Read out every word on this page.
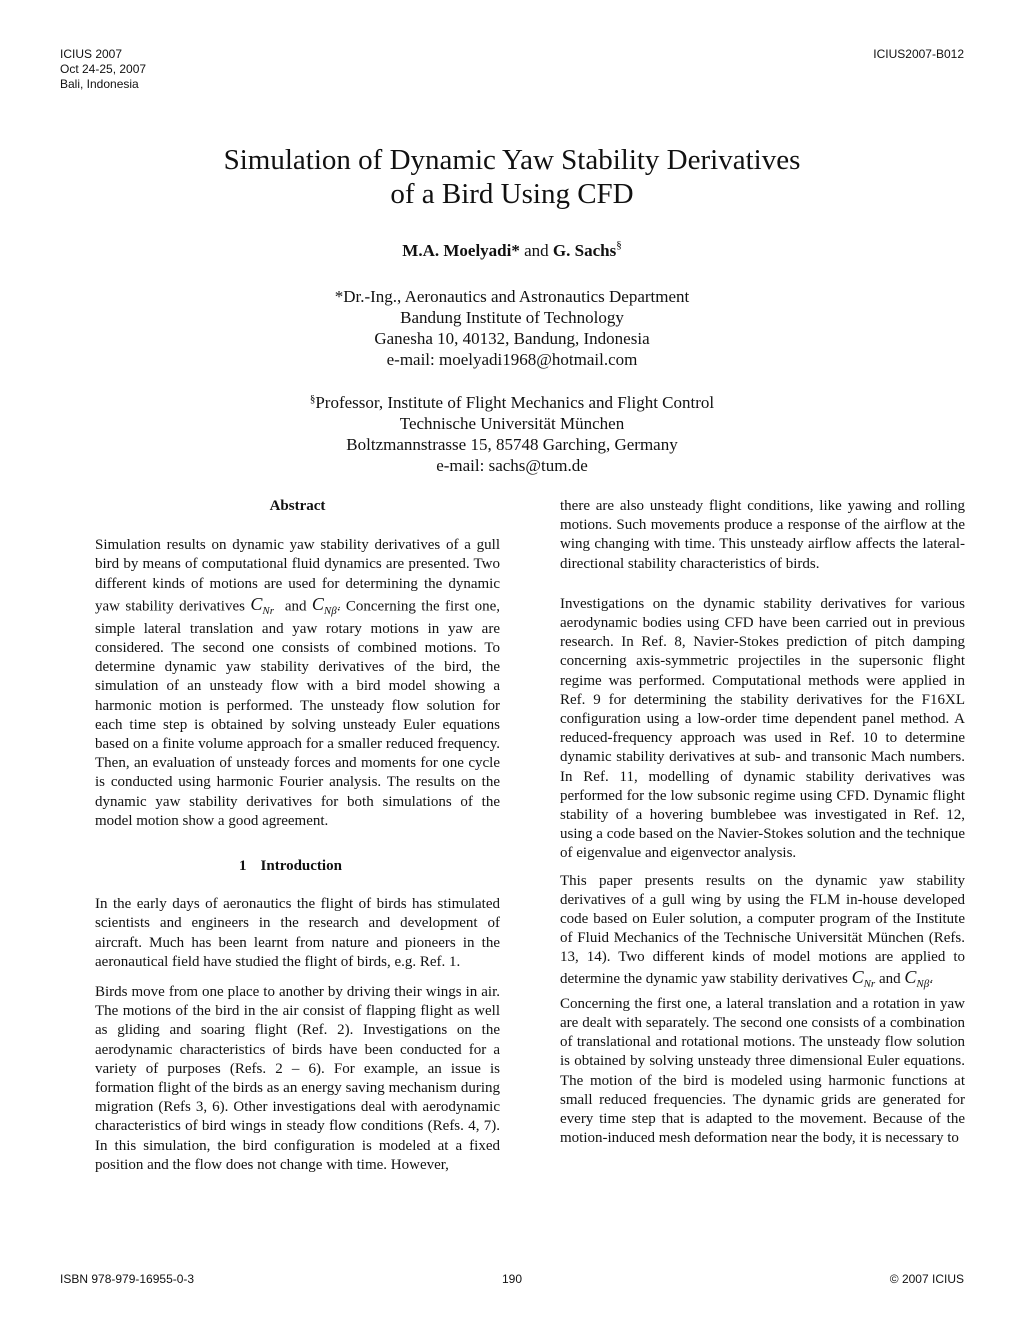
ICIUS 2007
Oct 24-25, 2007
Bali, Indonesia
ICIUS2007-B012
Simulation of Dynamic Yaw Stability Derivatives
of a Bird Using CFD
M.A. Moelyadi* and G. Sachs§
*Dr.-Ing., Aeronautics and Astronautics Department
Bandung Institute of Technology
Ganesha 10, 40132, Bandung, Indonesia
e-mail: moelyadi1968@hotmail.com
§Professor, Institute of Flight Mechanics and Flight Control
Technische Universität München
Boltzmannstrasse 15, 85748 Garching, Germany
e-mail: sachs@tum.de
Abstract

Simulation results on dynamic yaw stability derivatives of a gull bird by means of computational fluid dynamics are presented. Two different kinds of motions are used for determining the dynamic yaw stability derivatives $C_{Nr}$ and $C_{N\betȧ}$. Concerning the first one, simple lateral translation and yaw rotary motions in yaw are considered. The second one consists of combined motions. To determine dynamic yaw stability derivatives of the bird, the simulation of an unsteady flow with a bird model showing a harmonic motion is performed. The unsteady flow solution for each time step is obtained by solving unsteady Euler equations based on a finite volume approach for a smaller reduced frequency. Then, an evaluation of unsteady forces and moments for one cycle is conducted using harmonic Fourier analysis. The results on the dynamic yaw stability derivatives for both simulations of the model motion show a good agreement.

1 Introduction

In the early days of aeronautics the flight of birds has stimulated scientists and engineers in the research and development of aircraft. Much has been learnt from nature and pioneers in the aeronautical field have studied the flight of birds, e.g. Ref. 1.

Birds move from one place to another by driving their wings in air. The motions of the bird in the air consist of flapping flight as well as gliding and soaring flight (Ref. 2). Investigations on the aerodynamic characteristics of birds have been conducted for a variety of purposes (Refs. 2 – 6). For example, an issue is formation flight of the birds as an energy saving mechanism during migration (Refs 3, 6). Other investigations deal with aerodynamic characteristics of bird wings in steady flow conditions (Refs. 4, 7). In this simulation, the bird configuration is modeled at a fixed position and the flow does not change with time. However,

there are also unsteady flight conditions, like yawing and rolling motions. Such movements produce a response of the airflow at the wing changing with time. This unsteady airflow affects the lateral-directional stability characteristics of birds.

Investigations on the dynamic stability derivatives for various aerodynamic bodies using CFD have been carried out in previous research. In Ref. 8, Navier-Stokes prediction of pitch damping concerning axis-symmetric projectiles in the supersonic flight regime was performed. Computational methods were applied in Ref. 9 for determining the stability derivatives for the F16XL configuration using a low-order time dependent panel method. A reduced-frequency approach was used in Ref. 10 to determine dynamic stability derivatives at sub- and transonic Mach numbers. In Ref. 11, modelling of dynamic stability derivatives was performed for the low subsonic regime using CFD. Dynamic flight stability of a hovering bumblebee was investigated in Ref. 12, using a code based on the Navier-Stokes solution and the technique of eigenvalue and eigenvector analysis.

This paper presents results on the dynamic yaw stability derivatives of a gull wing by using the FLM in-house developed code based on Euler solution, a computer program of the Institute of Fluid Mechanics of the Technische Universität München (Refs. 13, 14). Two different kinds of model motions are applied to determine the dynamic yaw stability derivatives $C_{Nr}$ and $C_{N\betȧ}$.

Concerning the first one, a lateral translation and a rotation in yaw are dealt with separately. The second one consists of a combination of translational and rotational motions. The unsteady flow solution is obtained by solving unsteady three dimensional Euler equations. The motion of the bird is modeled using harmonic functions at small reduced frequencies. The dynamic grids are generated for every time step that is adapted to the movement. Because of the motion-induced mesh deformation near the body, it is necessary to

ISBN 978-979-16955-0-3	190	© 2007 ICIUS
